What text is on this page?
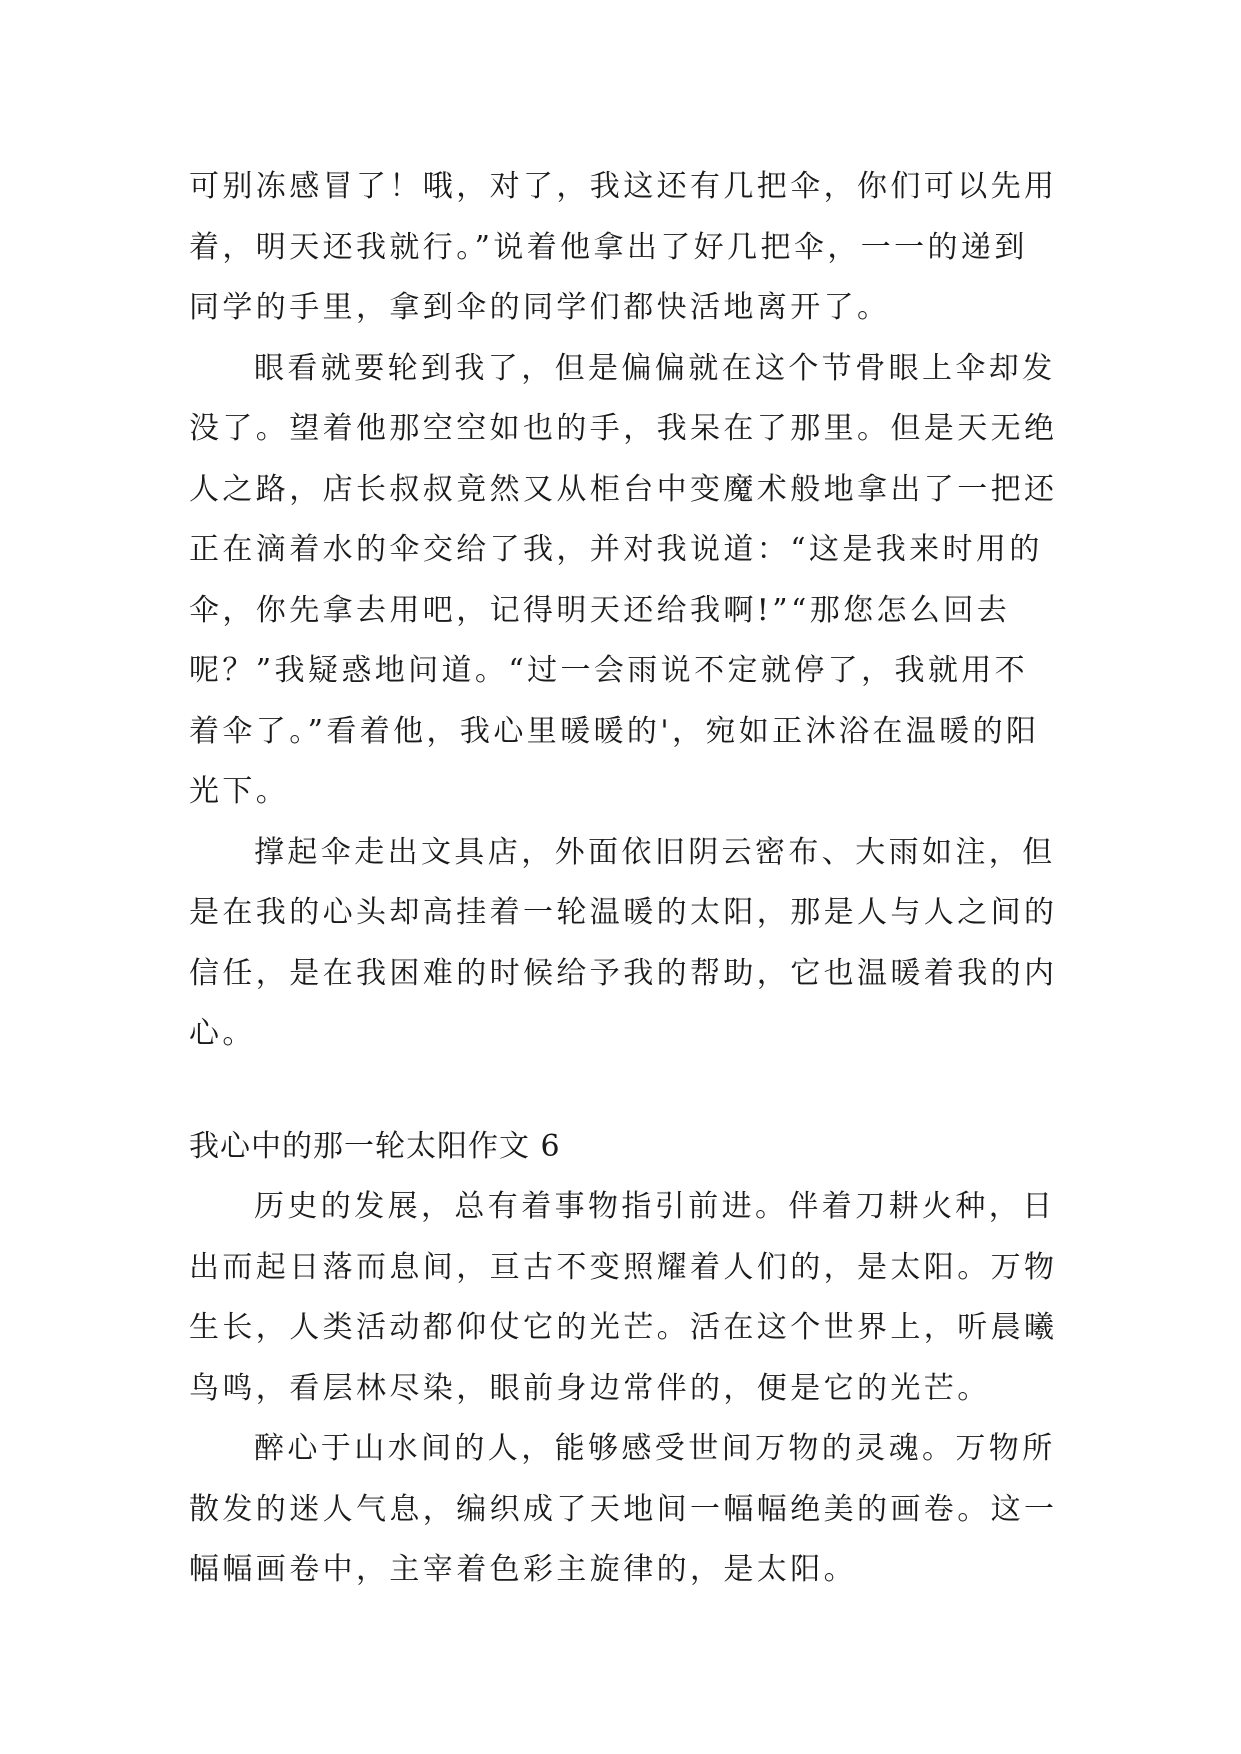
可别冻感冒了！哦，对了，我这还有几把伞，你们可以先用
着，明天还我就行。”说着他拿出了好几把伞，一一的递到
同学的手里，拿到伞的同学们都快活地离开了。
眼看就要轮到我了，但是偏偏就在这个节骨眼上伞却发
没了。望着他那空空如也的手，我呆在了那里。但是天无绝
人之路，店长叔叔竟然又从柜台中变魔术般地拿出了一把还
正在滴着水的伞交给了我，并对我说道：“这是我来时用的
伞，你先拿去用吧，记得明天还给我啊!”“那您怎么回去
呢？”我疑惑地问道。“过一会雨说不定就停了，我就用不
着伞了。”看着他，我心里暖暖的'，宛如正沐浴在温暖的阳
光下。
撑起伞走出文具店，外面依旧阴云密布、大雨如注，但
是在我的心头却高挂着一轮温暖的太阳，那是人与人之间的
信任，是在我困难的时候给予我的帮助，它也温暖着我的内
心。
我心中的那一轮太阳作文 6
历史的发展，总有着事物指引前进。伴着刀耕火种，日
出而起日落而息间，亘古不变照耀着人们的，是太阳。万物
生长，人类活动都仰仗它的光芒。活在这个世界上，听晨曦
鸟鸣，看层林尽染，眼前身边常伴的，便是它的光芒。
醉心于山水间的人，能够感受世间万物的灵魂。万物所
散发的迷人气息，编织成了天地间一幅幅绝美的画卷。这一
幅幅画卷中，主宰着色彩主旋律的，是太阳。
